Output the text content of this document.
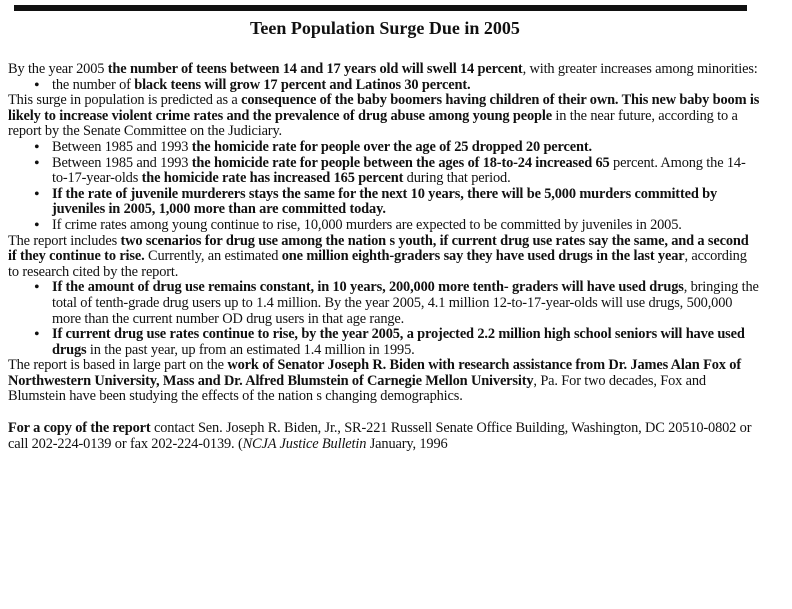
Teen Population Surge Due in 2005

By the year 2005 the number of teens between 14 and 17 years old will swell 14 percent, with greater increases among minorities:

• the number of black teens will grow 17 percent and Latinos 30 percent.

This surge in population is predicted as a consequence of the baby boomers having children of their own. This new baby boom is likely to increase violent crime rates and the prevalence of drug abuse among young people in the near future, according to a report by the Senate Committee on the Judiciary.

• Between 1985 and 1993 the homicide rate for people over the age of 25 dropped 20 percent.
• Between 1985 and 1993 the homicide rate for people between the ages of 18-to-24 increased 65 percent. Among the 14-to-17-year-olds the homicide rate has increased 165 percent during that period.
• If the rate of juvenile murderers stays the same for the next 10 years, there will be 5,000 murders committed by juveniles in 2005, 1,000 more than are committed today.
• If crime rates among young continue to rise, 10,000 murders are expected to be committed by juveniles in 2005.

The report includes two scenarios for drug use among the nation s youth, if current drug use rates say the same, and a second if they continue to rise. Currently, an estimated one million eighth-graders say they have used drugs in the last year, according to research cited by the report.

• If the amount of drug use remains constant, in 10 years, 200,000 more tenth- graders will have used drugs, bringing the total of tenth-grade drug users up to 1.4 million. By the year 2005, 4.1 million 12-to-17-year-olds will use drugs, 500,000 more than the current number OD drug users in that age range.
• If current drug use rates continue to rise, by the year 2005, a projected 2.2 million high school seniors will have used drugs in the past year, up from an estimated 1.4 million in 1995.

The report is based in large part on the work of Senator Joseph R. Biden with research assistance from Dr. James Alan Fox of Northwestern University, Mass and Dr. Alfred Blumstein of Carnegie Mellon University, Pa. For two decades, Fox and Blumstein have been studying the effects of the nation s changing demographics.

For a copy of the report contact Sen. Joseph R. Biden, Jr., SR-221 Russell Senate Office Building, Washington, DC 20510-0802 or call 202-224-0139 or fax 202-224-0139. (NCJA Justice Bulletin January, 1996
